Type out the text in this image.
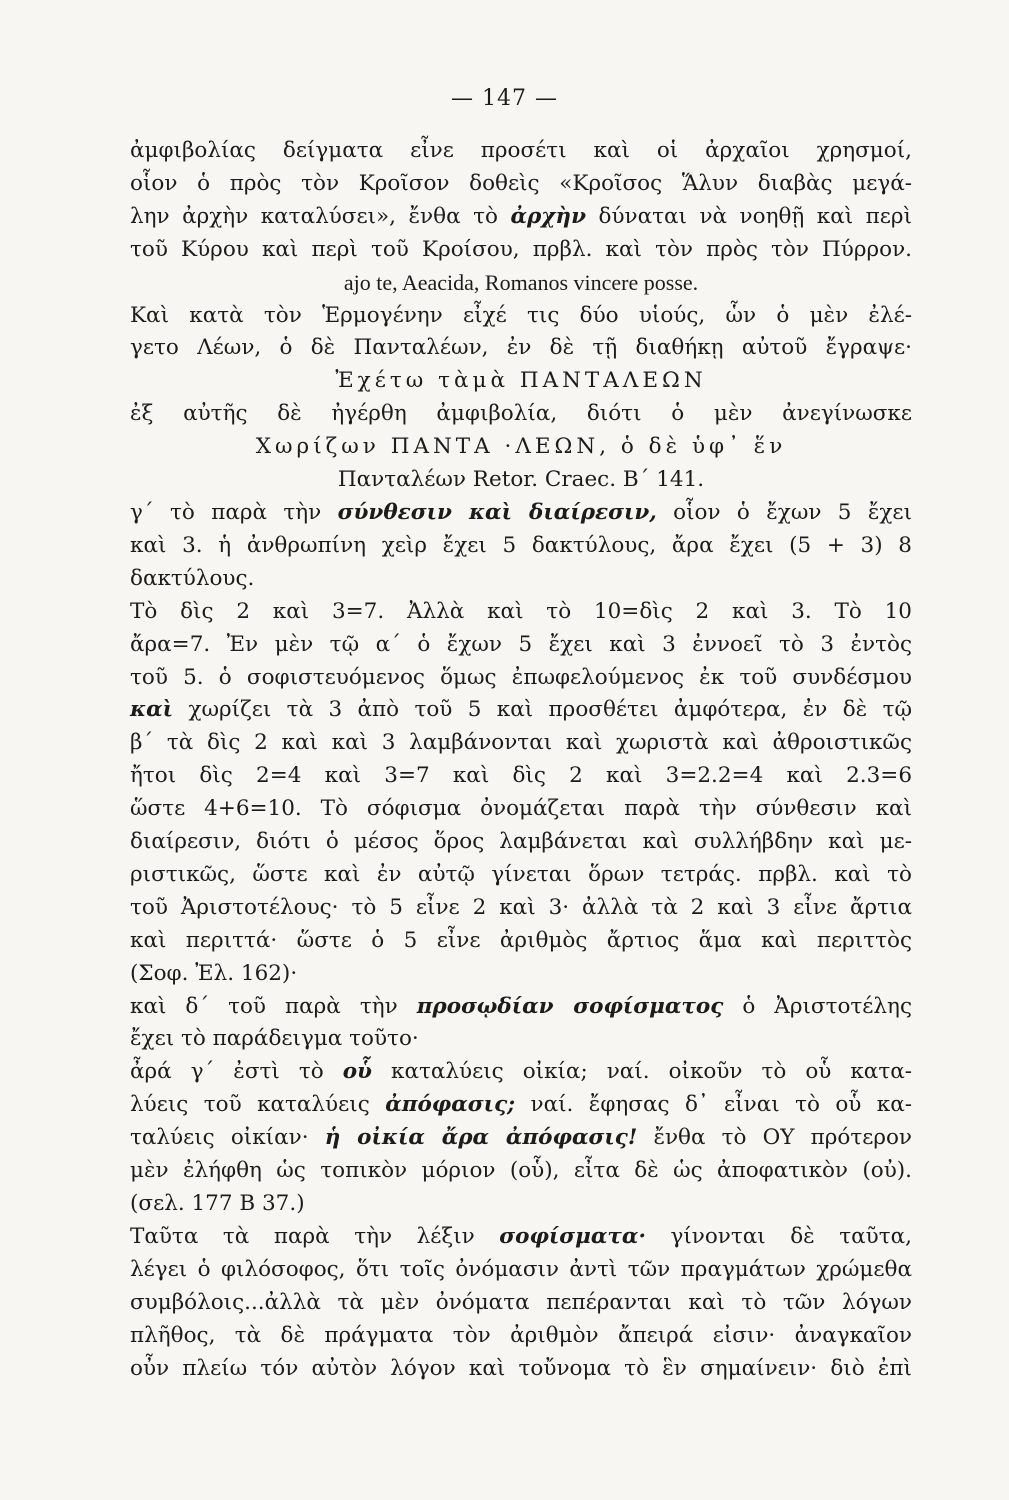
— 147 —

ἀμφιβολίας δείγματα εἶνε προσέτι καὶ οἱ ἀρχαῖοι χρησμοί,

οἷον ὁ πρὸς τὸν Κροῖσον δοθεὶς «Κροῖσος Ἅλυν διαβὰς μεγά-

λην ἀρχὴν καταλύσει», ἔνθα τὸ ἀρχὴν δύναται νὰ νοηθῇ καὶ περὶ

τοῦ Κύρου καὶ περὶ τοῦ Κροίσου, πρβλ. καὶ τὸν πρὸς τὸν Πύρρον.

ajo te, Aeacida, Romanos vincere posse.

Καὶ κατὰ τὸν Ἑρμογένην εἶχέ τις δύο υἱούς, ὧν ὁ μὲν ἐλέ-

γετο Λέων, ὁ δὲ Πανταλέων, ἐν δὲ τῇ διαθήκῃ αὐτοῦ ἔγραψε·

Ἐχέτω τὰμὰ ΠΑΝΤΑΛΕΩΝ

ἐξ αὐτῆς δὲ ἠγέρθη ἀμφιβολία, διότι ὁ μὲν ἀνεγίνωσκε

Χωρίζων ΠΑΝΤΑ ·ΛΕΩΝ, ὁ δὲ ὑφ᾽ ἕν

Πανταλέων Retor. Craec. Β΄ 141.

γ΄ τὸ παρὰ τὴν σύνθεσιν καὶ διαίρεσιν, οἷον ὁ ἔχων 5 ἔχει

καὶ 3. ἡ ἀνθρωπίνη χεὶρ ἔχει 5 δακτύλους, ἄρα ἔχει (5 + 3) 8

δακτύλους.

Τὸ δὶς 2 καὶ 3=7. Ἀλλὰ καὶ τὸ 10=δὶς 2 καὶ 3. Τὸ 10

ἄρα=7. Ἐν μὲν τῷ α΄ ὁ ἔχων 5 ἔχει καὶ 3 ἐννοεῖ τὸ 3 ἐντὸς

τοῦ 5. ὁ σοφιστευόμενος ὅμως ἐπωφελούμενος ἐκ τοῦ συνδέσμου

καὶ χωρίζει τὰ 3 ἀπὸ τοῦ 5 καὶ προσθέτει ἀμφότερα, ἐν δὲ τῷ

β΄ τὰ δὶς 2 καὶ καὶ 3 λαμβάνονται καὶ χωριστὰ καὶ ἀθροιστικῶς

ἤτοι δὶς 2=4 καὶ 3=7 καὶ δὶς 2 καὶ 3=2.2=4 καὶ 2.3=6

ὥστε 4+6=10. Τὸ σόφισμα ὀνομάζεται παρὰ τὴν σύνθεσιν καὶ

διαίρεσιν, διότι ὁ μέσος ὅρος λαμβάνεται καὶ συλλήβδην καὶ με-

ριστικῶς, ὥστε καὶ ἐν αὐτῷ γίνεται ὅρων τετράς. πρβλ. καὶ τὸ

τοῦ Ἀριστοτέλους· τὸ 5 εἶνε 2 καὶ 3· ἀλλὰ τὰ 2 καὶ 3 εἶνε ἄρτια

καὶ περιττά· ὥστε ὁ 5 εἶνε ἀριθμὸς ἄρτιος ἅμα καὶ περιττὸς

(Σοφ. Ἐλ. 162)·

καὶ δ΄ τοῦ παρὰ τὴν προσῳδίαν σοφίσματος ὁ Ἀριστοτέλης

ἔχει τὸ παράδειγμα τοῦτο·

ἆρά γ΄ ἐστὶ τὸ οὗ καταλύεις οἰκία; ναί. οἰκοῦν τὸ οὗ κατα-

λύεις τοῦ καταλύεις ἀπόφασις; ναί. ἔφησας δ᾽ εἶναι τὸ οὗ κα-

ταλύεις οἰκίαν· ἡ οἰκία ἄρα ἀπόφασις! ἔνθα τὸ ΟΥ πρότερον

μὲν ἐλήφθη ὡς τοπικὸν μόριον (οὗ), εἶτα δὲ ὡς ἀποφατικὸν (οὐ).

(σελ. 177 Β 37.)

Ταῦτα τὰ παρὰ τὴν λέξιν σοφίσματα· γίνονται δὲ ταῦτα,

λέγει ὁ φιλόσοφος, ὅτι τοῖς ὀνόμασιν ἀντὶ τῶν πραγμάτων χρώμεθα

συμβόλοις...ἀλλὰ τὰ μὲν ὀνόματα πεπέρανται καὶ τὸ τῶν λόγων

πλῆθος, τὰ δὲ πράγματα τὸν ἀριθμὸν ἄπειρά εἰσιν· ἀναγκαῖον

οὖν πλείω τόν αὐτὸν λόγον καὶ τοὔνομα τὸ ἓν σημαίνειν· διὸ ἐπὶ
